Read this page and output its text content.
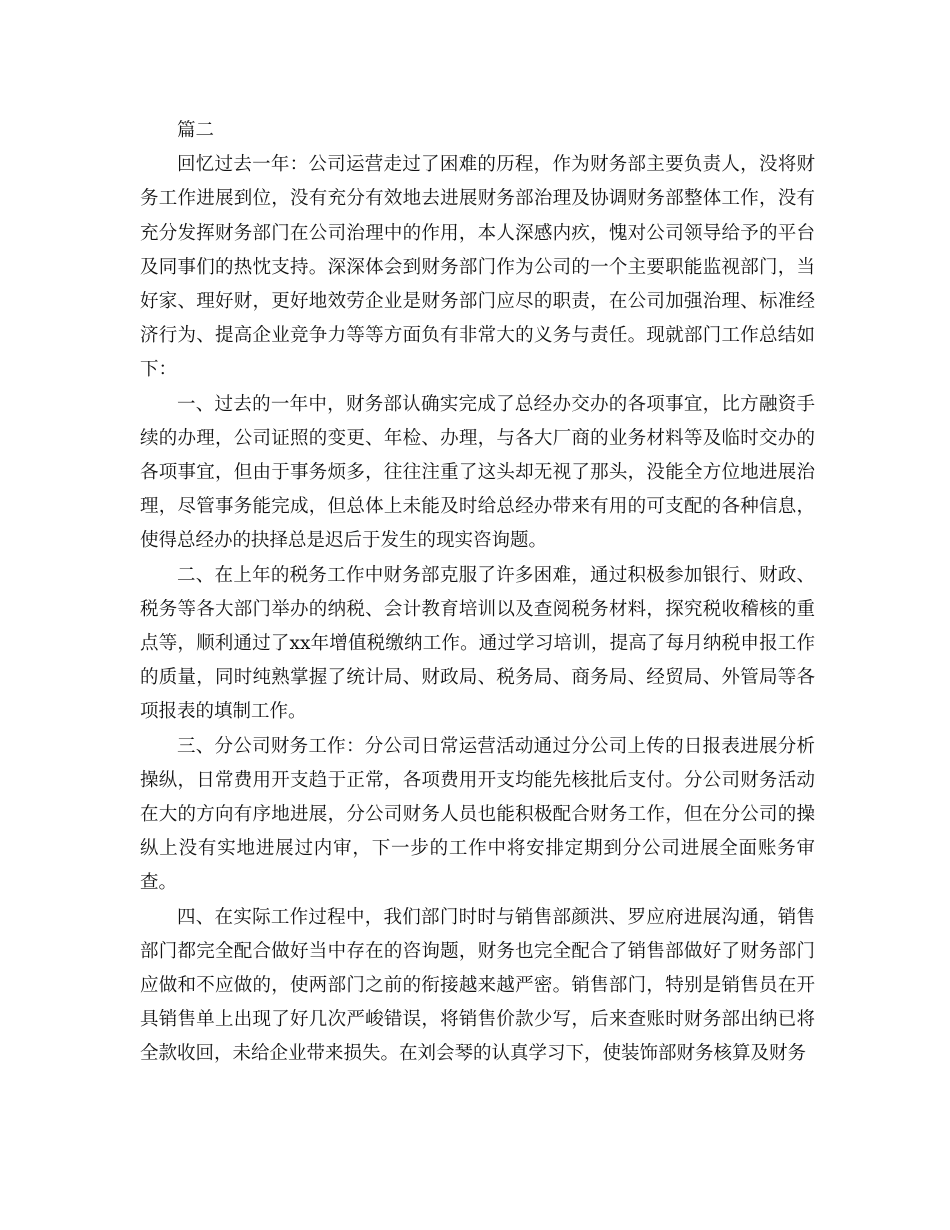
篇二

回忆过去一年：公司运营走过了困难的历程，作为财务部主要负责人，没将财务工作进展到位，没有充分有效地去进展财务部治理及协调财务部整体工作，没有充分发挥财务部门在公司治理中的作用，本人深感内疚，愧对公司领导给予的平台及同事们的热忱支持。深深体会到财务部门作为公司的一个主要职能监视部门，当好家、理好财，更好地效劳企业是财务部门应尽的职责，在公司加强治理、标准经济行为、提高企业竞争力等等方面负有非常大的义务与责任。现就部门工作总结如下：

一、过去的一年中，财务部认确实完成了总经办交办的各项事宜，比方融资手续的办理，公司证照的变更、年检、办理，与各大厂商的业务材料等及临时交办的各项事宜，但由于事务烦多，往往注重了这头却无视了那头，没能全方位地进展治理，尽管事务能完成，但总体上未能及时给总经办带来有用的可支配的各种信息，使得总经办的抉择总是迟后于发生的现实咨询题。

二、在上年的税务工作中财务部克服了许多困难，通过积极参加银行、财政、税务等各大部门举办的纳税、会计教育培训以及查阅税务材料，探究税收稽核的重点等，顺利通过了xx年增值税缴纳工作。通过学习培训，提高了每月纳税申报工作的质量，同时纯熟掌握了统计局、财政局、税务局、商务局、经贸局、外管局等各项报表的填制工作。

三、分公司财务工作：分公司日常运营活动通过分公司上传的日报表进展分析操纵，日常费用开支趋于正常，各项费用开支均能先核批后支付。分公司财务活动在大的方向有序地进展，分公司财务人员也能积极配合财务工作，但在分公司的操纵上没有实地进展过内审，下一步的工作中将安排定期到分公司进展全面账务审查。

四、在实际工作过程中，我们部门时时与销售部颜洪、罗应府进展沟通，销售部门都完全配合做好当中存在的咨询题，财务也完全配合了销售部做好了财务部门应做和不应做的，使两部门之前的衔接越来越严密。销售部门，特别是销售员在开具销售单上出现了好几次严峻错误，将销售价款少写，后来查账时财务部出纳已将全款收回，未给企业带来损失。在刘会琴的认真学习下，使装饰部财务核算及财务
